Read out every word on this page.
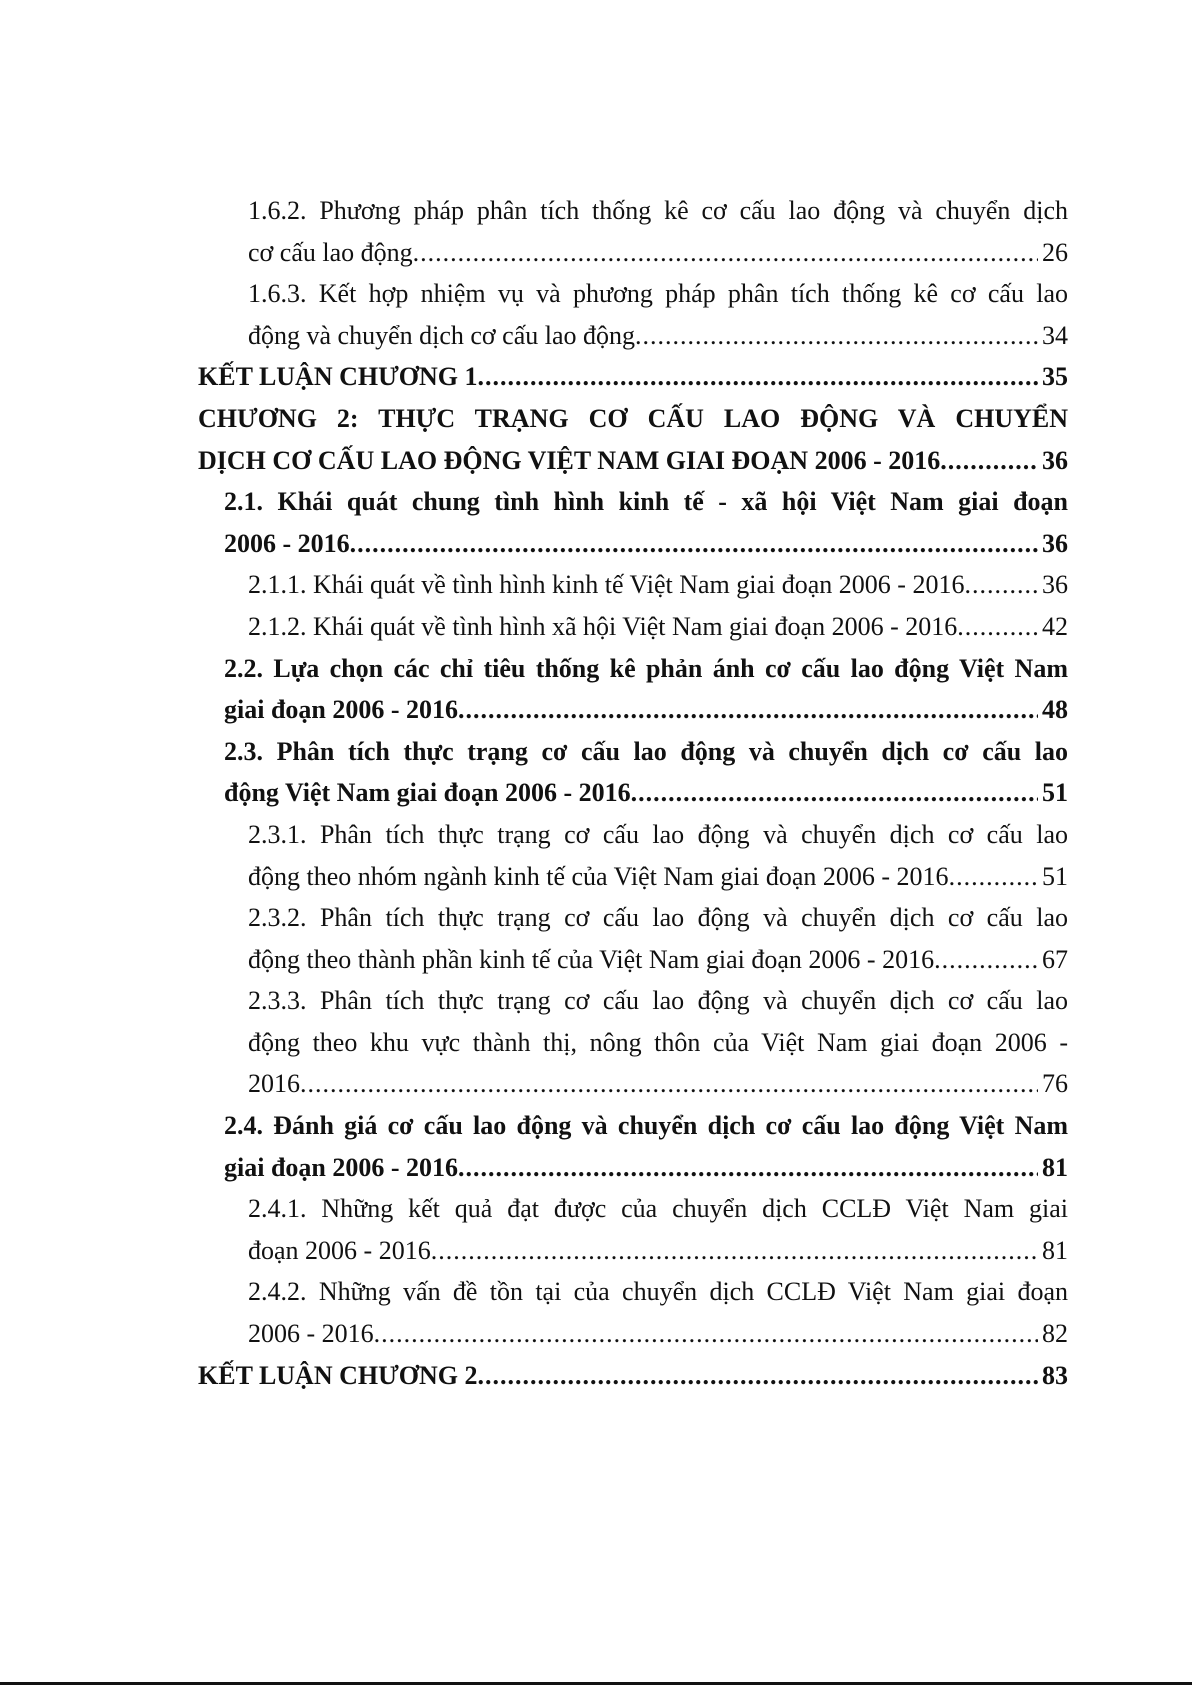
1.6.2. Phương pháp phân tích thống kê cơ cấu lao động và chuyển dịch
cơ cấu lao động .....	26
1.6.3. Kết hợp nhiệm vụ và phương pháp phân tích thống kê cơ cấu lao
động và chuyển dịch cơ cấu lao động .....	34
KẾT LUẬN CHƯƠNG 1 .....	35
CHƯƠNG 2: THỰC TRẠNG CƠ CẤU LAO ĐỘNG VÀ CHUYỂN
DỊCH CƠ CẤU LAO ĐỘNG VIỆT NAM GIAI ĐOẠN 2006 - 2016 .....	36
2.1. Khái quát chung tình hình kinh tế - xã hội Việt Nam giai đoạn
2006 - 2016 .....	36
2.1.1. Khái quát về tình hình kinh tế Việt Nam giai đoạn 2006 - 2016 .....	36
2.1.2. Khái quát về tình hình xã hội Việt Nam giai đoạn 2006 - 2016 .....	42
2.2. Lựa chọn các chỉ tiêu thống kê phản ánh cơ cấu lao động Việt Nam
giai đoạn 2006 - 2016 .....	48
2.3. Phân tích thực trạng cơ cấu lao động và chuyển dịch cơ cấu lao
động Việt Nam giai đoạn 2006 - 2016 .....	51
2.3.1. Phân tích thực trạng cơ cấu lao động và chuyển dịch cơ cấu lao
động theo nhóm ngành kinh tế của Việt Nam giai đoạn 2006 - 2016 .....	51
2.3.2. Phân tích thực trạng cơ cấu lao động và chuyển dịch cơ cấu lao
động theo thành phần kinh tế của Việt Nam giai đoạn 2006 - 2016 .....	67
2.3.3. Phân tích thực trạng cơ cấu lao động và chuyển dịch cơ cấu lao
động theo khu vực thành thị, nông thôn của Việt Nam giai đoạn 2006 -
2016 .....	76
2.4. Đánh giá cơ cấu lao động và chuyển dịch cơ cấu lao động Việt Nam
giai đoạn 2006 - 2016 .....	81
2.4.1. Những kết quả đạt được của chuyển dịch CCLĐ Việt Nam giai
đoạn 2006 - 2016 .....	81
2.4.2. Những vấn đề tồn tại của chuyển dịch CCLĐ Việt Nam giai đoạn
2006 - 2016 .....	82
KẾT LUẬN CHƯƠNG 2 .....	83
